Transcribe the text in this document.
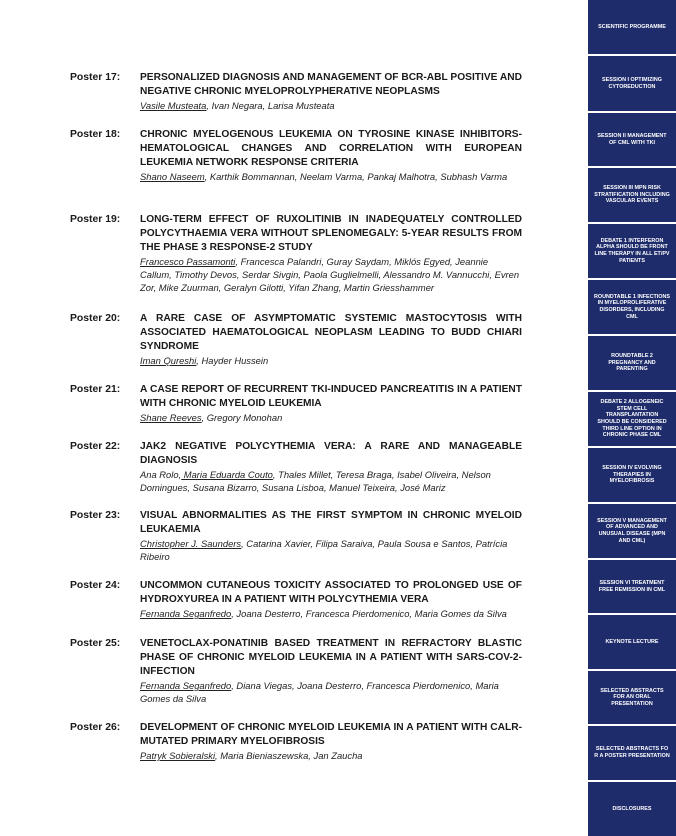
Poster 17:	PERSONALIZED DIAGNOSIS AND MANAGEMENT OF BCR-ABL POSITIVE AND NEGATIVE CHRONIC MYELOPROLYPHERATIVE NEOPLASMS
Vasile Musteata, Ivan Negara, Larisa Musteata
Poster 18:	CHRONIC MYELOGENOUS LEUKEMIA ON TYROSINE KINASE INHIBITORS- HEMATOLOGICAL CHANGES AND CORRELATION WITH EUROPEAN LEUKEMIA NETWORK RESPONSE CRITERIA
Shano Naseem, Karthik Bommannan, Neelam Varma, Pankaj Malhotra, Subhash Varma
Poster 19:	LONG-TERM EFFECT OF RUXOLITINIB IN INADEQUATELY CONTROLLED POLYCYTHAEMIA VERA WITHOUT SPLENOMEGALY: 5-YEAR RESULTS FROM THE PHASE 3 RESPONSE-2 STUDY
Francesco Passamonti, Francesca Palandri, Guray Saydam, Miklós Egyed, Jeannie Callum, Timothy Devos, Serdar Sivgin, Paola Guglielmelli, Alessandro M. Vannucchi, Evren Zor, Mike Zuurman, Geralyn Gilotti, Yifan Zhang, Martin Griesshammer
Poster 20:	A RARE CASE OF ASYMPTOMATIC SYSTEMIC MASTOCYTOSIS WITH ASSOCIATED HAEMATOLOGICAL NEOPLASM LEADING TO BUDD CHIARI SYNDROME
Iman Qureshi, Hayder Hussein
Poster 21:	A CASE REPORT OF RECURRENT TKI-INDUCED PANCREATITIS IN A PATIENT WITH CHRONIC MYELOID LEUKEMIA
Shane Reeves, Gregory Monohan
Poster 22:	JAK2 NEGATIVE POLYCYTHEMIA VERA: A RARE AND MANAGEABLE DIAGNOSIS
Ana Rolo, Maria Eduarda Couto, Thales Millet, Teresa Braga, Isabel Oliveira, Nelson Domingues, Susana Bizarro, Susana Lisboa, Manuel Teixeira, José Mariz
Poster 23:	VISUAL ABNORMALITIES AS THE FIRST SYMPTOM IN CHRONIC MYELOID LEUKAEMIA
Christopher J. Saunders, Catarina Xavier, Filipa Saraiva, Paula Sousa e Santos, Patrícia Ribeiro
Poster 24:	UNCOMMON CUTANEOUS TOXICITY ASSOCIATED TO PROLONGED USE OF HYDROXYUREA IN A PATIENT WITH POLYCYTHEMIA VERA
Fernanda Seganfredo, Joana Desterro, Francesca Pierdomenico, Maria Gomes da Silva
Poster 25:	VENETOCLAX-PONATINIB BASED TREATMENT IN REFRACTORY BLASTIC PHASE OF CHRONIC MYELOID LEUKEMIA IN A PATIENT WITH SARS-COV-2- INFECTION
Fernanda Seganfredo, Diana Viegas, Joana Desterro, Francesca Pierdomenico, Maria Gomes da Silva
Poster 26:	DEVELOPMENT OF CHRONIC MYELOID LEUKEMIA IN A PATIENT WITH CALR- MUTATED PRIMARY MYELOFIBROSIS
Patryk Sobieralski, Maria Bieniaszewska, Jan Zaucha
SCIENTIFIC PROGRAMME
SESSION I OPTIMIZING CYTOREDUCTION
SESSION II MANAGEMENT OF CML WITH TKI
SESSION III MPN RISK STRATIFICATION INCLUDING VASCULAR EVENTS
DEBATE 1 INTERFERON ALPHA SHOULD BE FRONT LINE THERAPY IN ALL ET/PV PATIENTS
ROUNDTABLE 1 INFECTIONS IN MYELOPROLIFERATIVE DISORDERS, INCLUDING CML
ROUNDTABLE 2 PREGNANCY AND PARENTING
DEBATE 2 ALLOGENEIC STEM CELL TRANSPLANTATION SHOULD BE CONSIDERED THIRD LINE OPTION IN CHRONIC PHASE CML
SESSION IV EVOLVING THERAPIES IN MYELOFIBROSIS
SESSION V MANAGEMENT OF ADVANCED AND UNUSUAL DISEASE (MPN AND CML)
SESSION VI TREATMENT FREE REMISSION IN CML
KEYNOTE LECTURE
SELECTED ABSTRACTS FOR AN ORAL PRESENTATION
SELECTED ABSTRACTS FO R A POSTER PRESENTATION
DISCLOSURES
